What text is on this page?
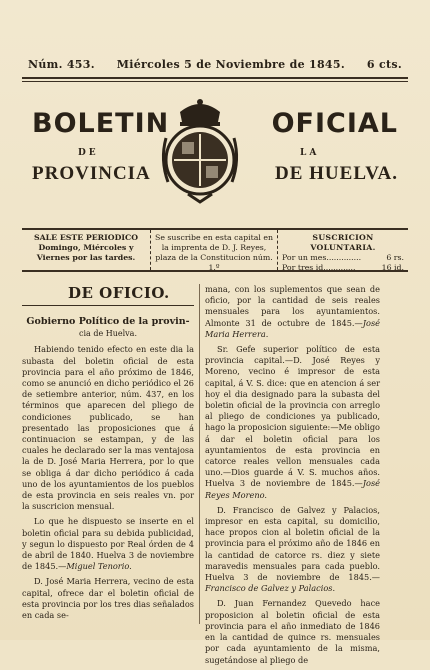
Núm. 453. Miércoles 5 de Noviembre de 1845. 6 cts.
BOLETIN	OFICIAL
DE	LA
PROVINCIA	DE HUELVA.
SALE ESTE PERIODICO Domingo, Miércoles y Viernes por las tardes.
Se suscribe en esta capital en la imprenta de D. J. Reyes, plaza de la Constitucion núm. 1.º
SUSCRICION VOLUNTARIA.
Por un mes..............	6 rs.
Por tres id.............	16 id.
DE OFICIO.
Gobierno Político de la provin-
cia de Huelva.

Habiendo tenido efecto en este dia la subasta del boletin oficial de esta provincia para el año próximo de 1846, como se anunció en dicho periódico el 26 de setiembre anterior, núm. 437, en los términos que aparecen del pliego de condiciones publicado, se han presentado las proposiciones que á continuacion se estampan, y de las cuales he declarado ser la mas ventajosa la de D. José Maria Herrera, por lo que se obliga á dar dicho periódico á cada uno de los ayuntamientos de los pueblos de esta provincia en seis reales vn. por la suscricion mensual.

Lo que he dispuesto se inserte en el boletin oficial para su debida publicidad, y segun lo dispuesto por Real órden de 4 de abril de 1840. Huelva 3 de noviembre de 1845.—Miguel Tenorio.

D. José Maria Herrera, vecino de esta capital, ofrece dar el boletin oficial de esta provincia por los tres dias señalados en cada se-

mana, con los suplementos que sean de oficio, por la cantidad de seis reales mensuales para los ayuntamientos. Almonte 31 de octubre de 1845.—José Maria Herrera.

Sr. Gefe superior político de esta provincia capital.—D. José Reyes y Moreno, vecino é impresor de esta capital, á V. S. dice: que en atencion á ser hoy el dia designado para la subasta del boletin oficial de la provincia con arreglo al pliego de condiciones ya publicado, hago la proposicion siguiente:—Me obligo á dar el boletin oficial para los ayuntamientos de esta provincia en catorce reales vellon mensuales cada uno.—Dios guarde á V. S. muchos años. Huelva 3 de noviembre de 1845.—José Reyes Moreno.

D. Francisco de Galvez y Palacios, impresor en esta capital, su domicilio, hace propos cion al boletin oficial de la provincia para el próximo año de 1846 en la cantidad de catorce rs. diez y siete maravedis mensuales para cada pueblo. Huelva 3 de noviembre de 1845.—Francisco de Galvez y Palacios.

D. Juan Fernandez Quevedo hace proposicion al boletin oficial de esta provincia para el año inmediato de 1846 en la cantidad de quince rs. mensuales por cada ayuntamiento de la misma, sugetándose al pliego de
